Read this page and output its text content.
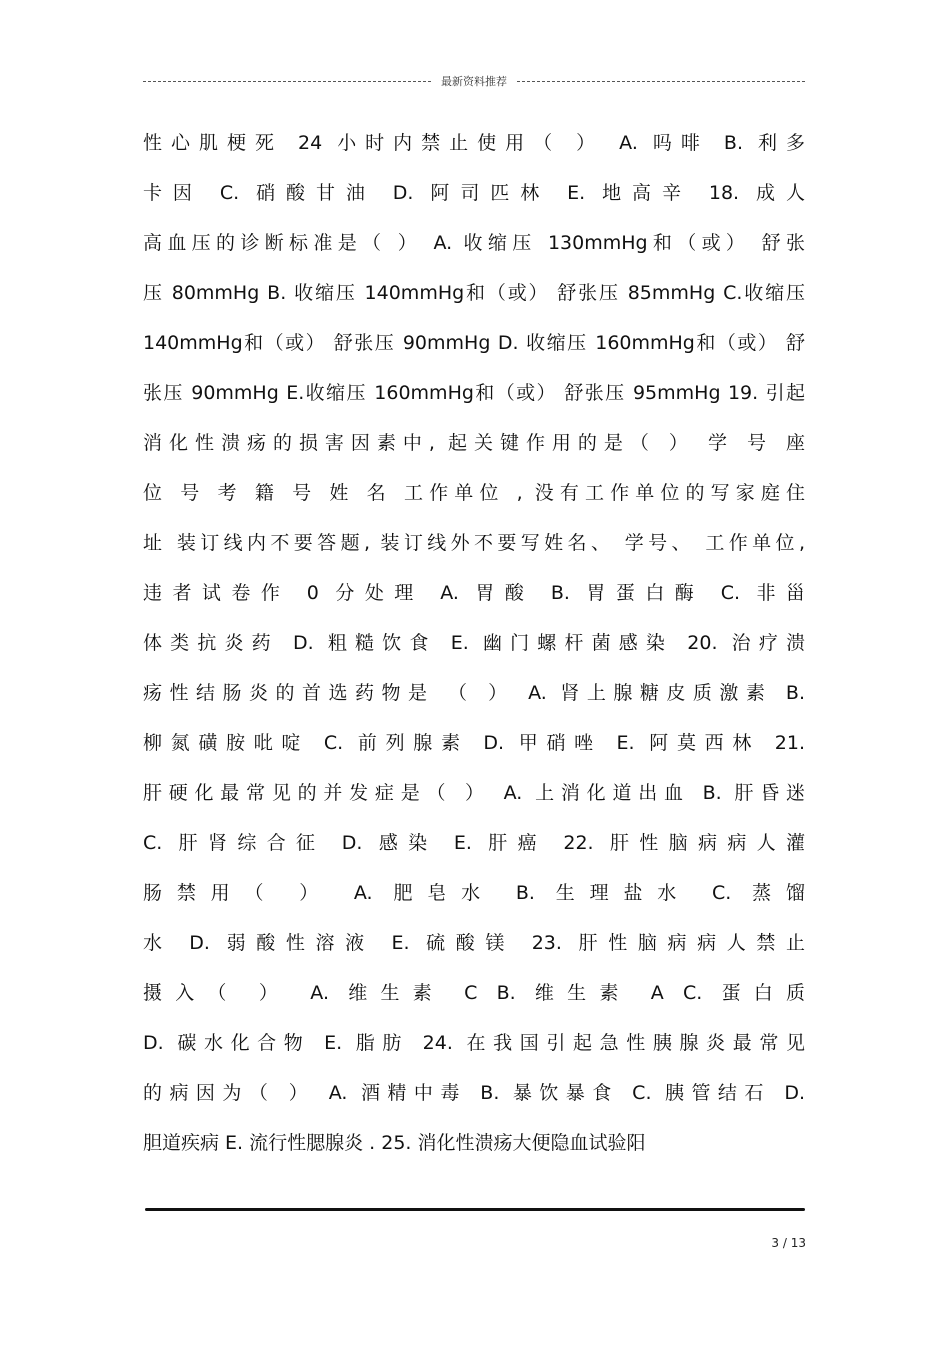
最新资料推荐
性心肌梗死 24 小时内禁止使用（ ） A. 吗啡 B. 利多
卡因 C. 硝酸甘油 D. 阿司匹林 E. 地高辛 18. 成人
高血压的诊断标准是（ ） A. 收缩压 130mmHg和（或） 舒张
压 80mmHg B. 收缩压 140mmHg和（或） 舒张压 85mmHg C.收缩压
140mmHg和（或） 舒张压 90mmHg D. 收缩压 160mmHg和（或） 舒
张压 90mmHg E.收缩压 160mmHg和（或） 舒张压 95mmHg 19. 引起
消化性溃疡的损害因素中, 起关键作用的是（ ） 学 号 座
位 号 考 籍 号 姓 名 工作单位 , 没有工作单位的写家庭住
址 装订线内不要答题, 装订线外不要写姓名、 学号、 工作单位,
违者试卷作 0 分处理 A. 胃酸 B. 胃蛋白酶 C. 非甾
体类抗炎药 D. 粗糙饮食 E. 幽门螺杆菌感染 20. 治疗溃
疡性结肠炎的首选药物是 （ ） A. 肾上腺糖皮质激素 B.
柳氮磺胺吡啶 C. 前列腺素 D. 甲硝唑 E. 阿莫西林 21.
肝硬化最常见的并发症是（ ） A. 上消化道出血 B. 肝昏迷
C. 肝肾综合征 D. 感染 E. 肝癌 22. 肝性脑病病人灌
肠禁用（ ） A. 肥皂水 B. 生理盐水 C. 蒸馏
水 D. 弱酸性溶液 E. 硫酸镁 23. 肝性脑病病人禁止
摄入（ ） A. 维生素 C B. 维生素 A C. 蛋白质
D. 碳水化合物 E. 脂肪 24. 在我国引起急性胰腺炎最常见
的病因为（ ） A. 酒精中毒 B. 暴饮暴食 C. 胰管结石 D.
胆道疾病 E. 流行性腮腺炎 . 25. 消化性溃疡大便隐血试验阳
3 / 13
